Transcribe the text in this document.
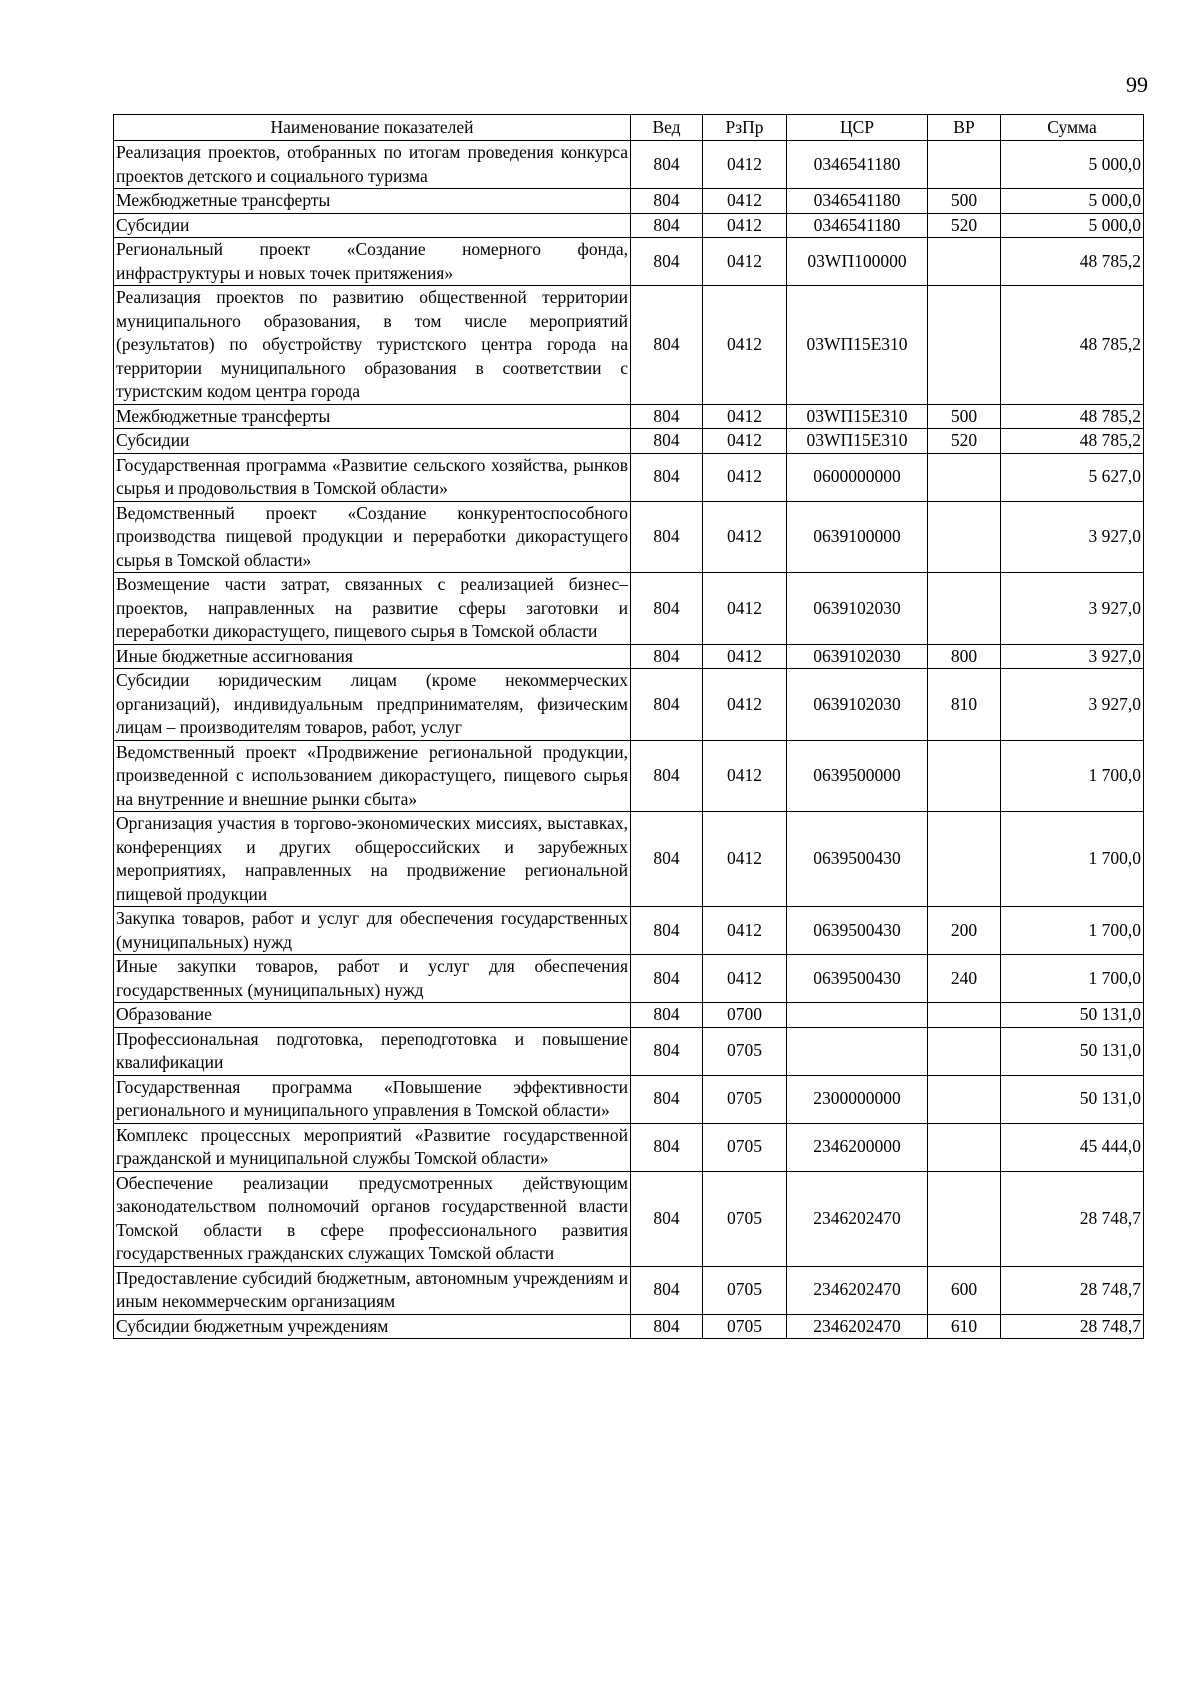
99
Наименование показателей	Вед	РзПр	ЦСР	ВР	Сумма
Реализация проектов, отобранных по итогам проведения конкурса проектов детского и социального туризма	804	0412	0346541180		5 000,0
Межбюджетные трансферты	804	0412	0346541180	500	5 000,0
Субсидии	804	0412	0346541180	520	5 000,0
Региональный проект «Создание номерного фонда, инфраструктуры и новых точек притяжения»	804	0412	03WП100000		48 785,2
Реализация проектов по развитию общественной территории муниципального образования, в том числе мероприятий (результатов) по обустройству туристского центра города на территории муниципального образования в соответствии с туристским кодом центра города	804	0412	03WП15Е310		48 785,2
Межбюджетные трансферты	804	0412	03WП15Е310	500	48 785,2
Субсидии	804	0412	03WП15Е310	520	48 785,2
Государственная программа «Развитие сельского хозяйства, рынков сырья и продовольствия в Томской области»	804	0412	0600000000		5 627,0
Ведомственный проект «Создание конкурентоспособного производства пищевой продукции и переработки дикорастущего сырья в Томской области»	804	0412	0639100000		3 927,0
Возмещение части затрат, связанных с реализацией бизнес–проектов, направленных на развитие сферы заготовки и переработки дикорастущего, пищевого сырья в Томской области	804	0412	0639102030		3 927,0
Иные бюджетные ассигнования	804	0412	0639102030	800	3 927,0
Субсидии юридическим лицам (кроме некоммерческих организаций), индивидуальным предпринимателям, физическим лицам – производителям товаров, работ, услуг	804	0412	0639102030	810	3 927,0
Ведомственный проект «Продвижение региональной продукции, произведенной с использованием дикорастущего, пищевого сырья на внутренние и внешние рынки сбыта»	804	0412	0639500000		1 700,0
Организация участия в торгово-экономических миссиях, выставках, конференциях и других общероссийских и зарубежных мероприятиях, направленных на продвижение региональной пищевой продукции	804	0412	0639500430		1 700,0
Закупка товаров, работ и услуг для обеспечения государственных (муниципальных) нужд	804	0412	0639500430	200	1 700,0
Иные закупки товаров, работ и услуг для обеспечения государственных (муниципальных) нужд	804	0412	0639500430	240	1 700,0
Образование	804	0700			50 131,0
Профессиональная подготовка, переподготовка и повышение квалификации	804	0705			50 131,0
Государственная программа «Повышение эффективности регионального и муниципального управления в Томской области»	804	0705	2300000000		50 131,0
Комплекс процессных мероприятий «Развитие государственной гражданской и муниципальной службы Томской области»	804	0705	2346200000		45 444,0
Обеспечение реализации предусмотренных действующим законодательством полномочий органов государственной власти Томской области в сфере профессионального развития государственных гражданских служащих Томской области	804	0705	2346202470		28 748,7
Предоставление субсидий бюджетным, автономным учреждениям и иным некоммерческим организациям	804	0705	2346202470	600	28 748,7
Субсидии бюджетным учреждениям	804	0705	2346202470	610	28 748,7
